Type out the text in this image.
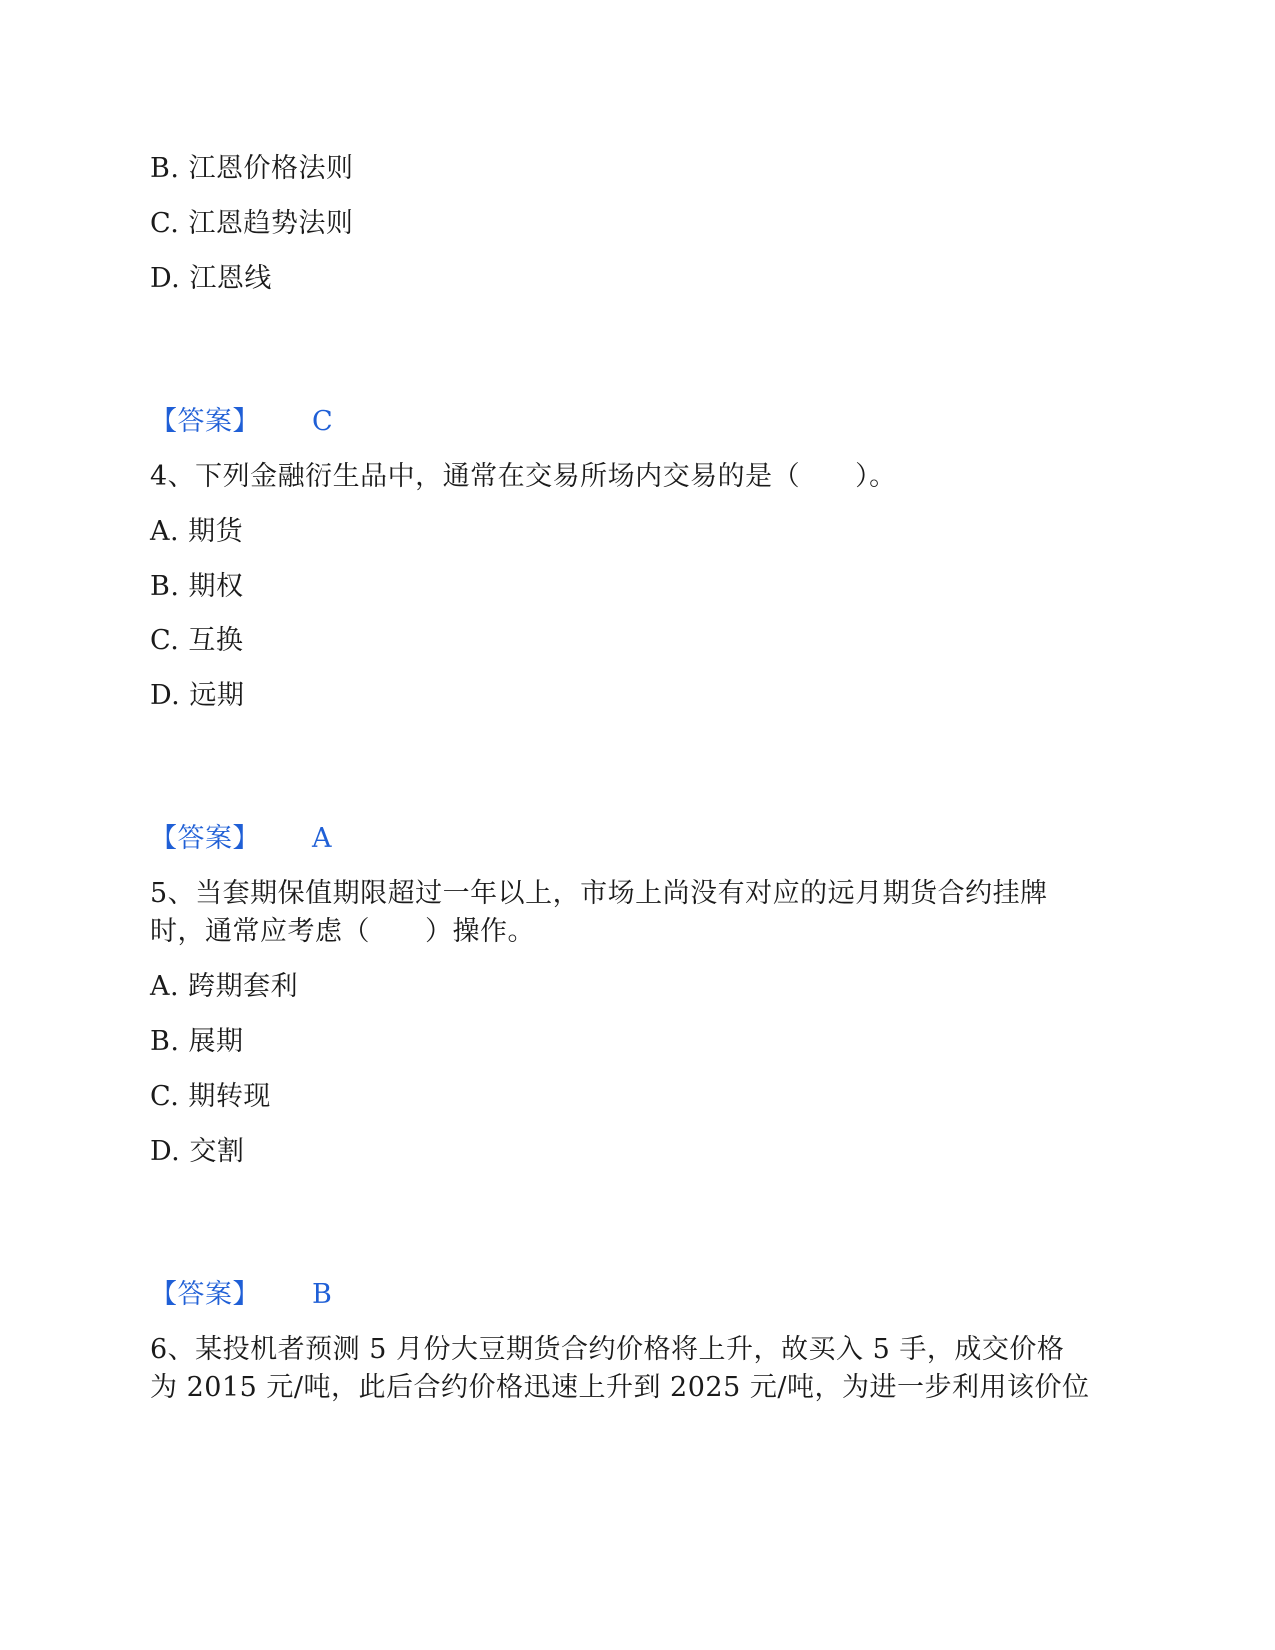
B. 江恩价格法则
C. 江恩趋势法则
D. 江恩线
【答案】 C
4、下列金融衍生品中，通常在交易所场内交易的是（　　）。
A. 期货
B. 期权
C. 互换
D. 远期
【答案】 A
5、当套期保值期限超过一年以上，市场上尚没有对应的远月期货合约挂牌
时，通常应考虑（　　）操作。
A. 跨期套利
B. 展期
C. 期转现
D. 交割
【答案】 B
6、某投机者预测 5 月份大豆期货合约价格将上升，故买入 5 手，成交价格
为 2015 元/吨，此后合约价格迅速上升到 2025 元/吨，为进一步利用该价位
